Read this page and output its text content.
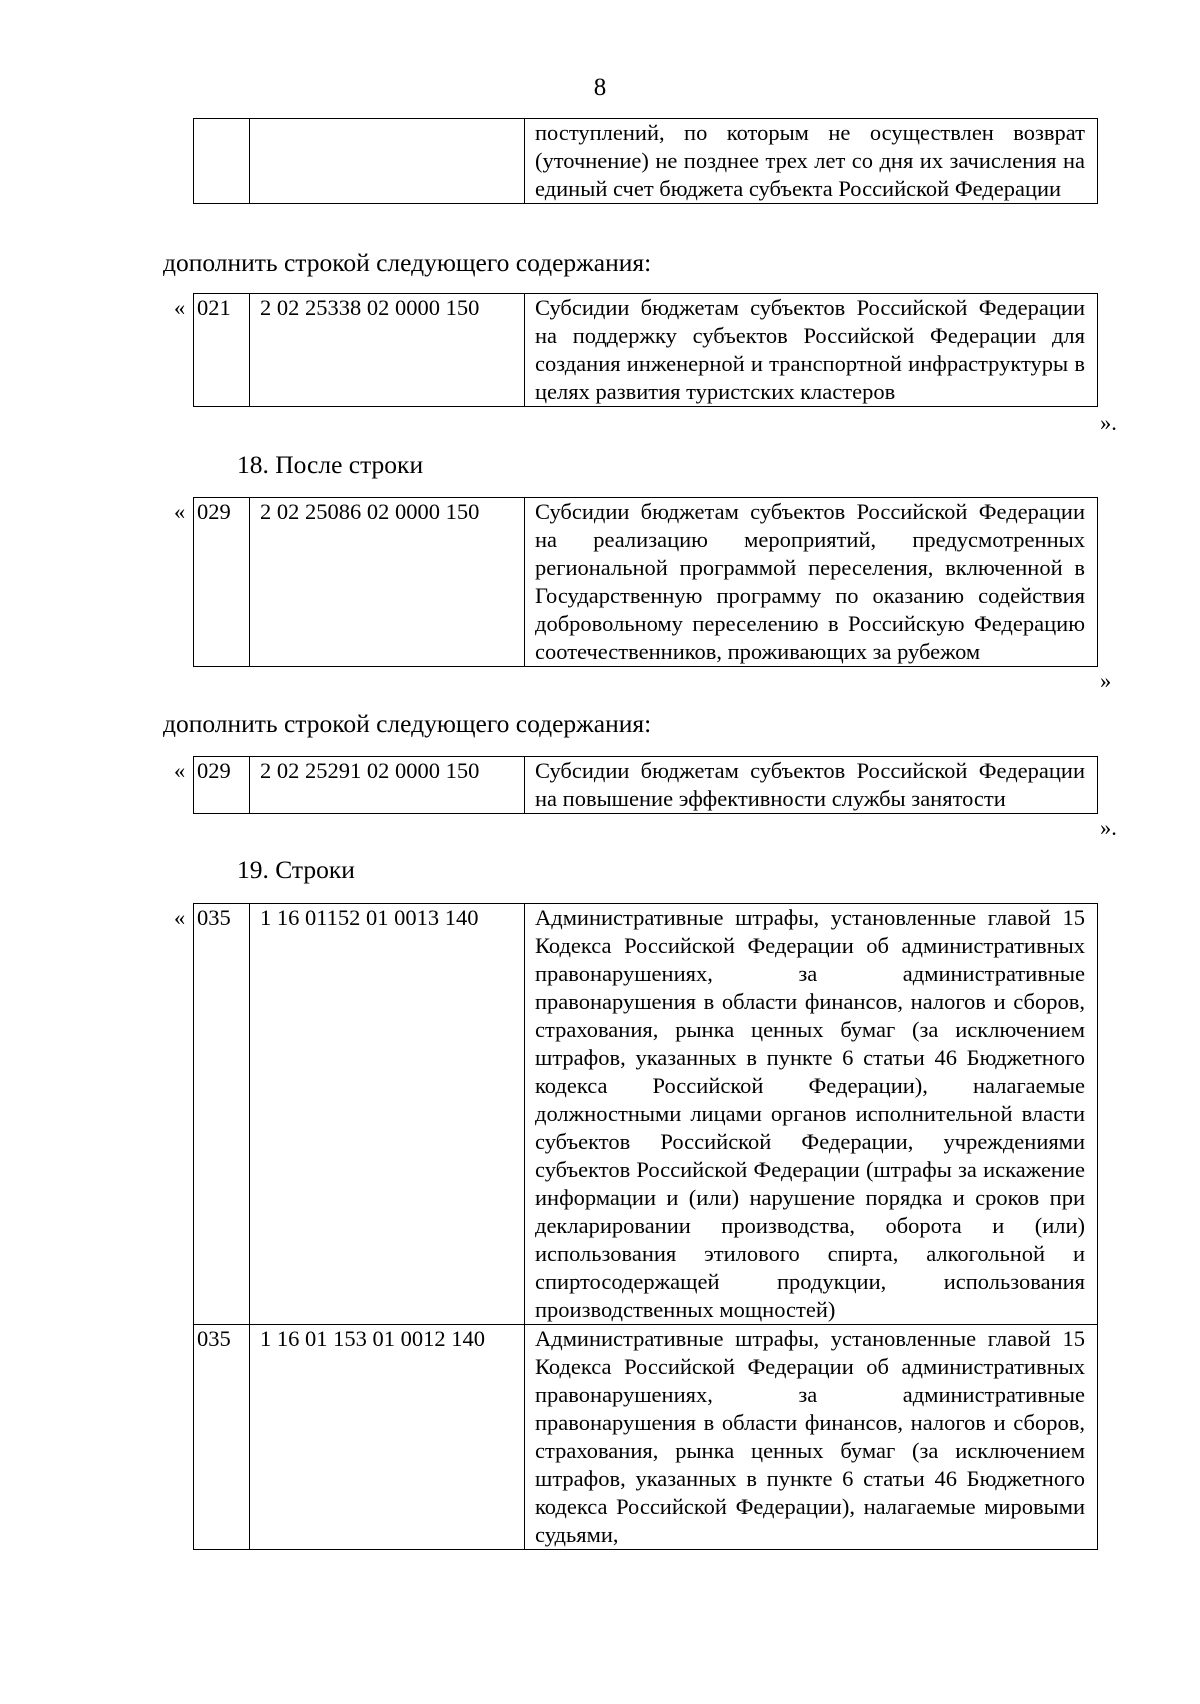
8
		поступлений, по которым не осуществлен возврат (уточнение) не позднее трех лет со дня их зачисления на единый счет бюджета субъекта Российской Федерации
дополнить строкой следующего содержания:
« 021	2 02 25338 02 0000 150	Субсидии бюджетам субъектов Российской Федерации на поддержку субъектов Российской Федерации для создания инженерной и транспортной инфраструктуры в целях развития туристских кластеров
».
18. После строки
« 029	2 02 25086 02 0000 150	Субсидии бюджетам субъектов Российской Федерации на реализацию мероприятий, предусмотренных региональной программой переселения, включенной в Государственную программу по оказанию содействия добровольному переселению в Российскую Федерацию соотечественников, проживающих за рубежом
»
дополнить строкой следующего содержания:
« 029	2 02 25291 02 0000 150	Субсидии бюджетам субъектов Российской Федерации на повышение эффективности службы занятости
».
19. Строки
« 035	1 16 01152 01 0013 140	Административные штрафы, установленные главой 15 Кодекса Российской Федерации об административных правонарушениях, за административные правонарушения в области финансов, налогов и сборов, страхования, рынка ценных бумаг (за исключением штрафов, указанных в пункте 6 статьи 46 Бюджетного кодекса Российской Федерации), налагаемые должностными лицами органов исполнительной власти субъектов Российской Федерации, учреждениями субъектов Российской Федерации (штрафы за искажение информации и (или) нарушение порядка и сроков при декларировании производства, оборота и (или) использования этилового спирта, алкогольной и спиртосодержащей продукции, использования производственных мощностей)
035	1 16 01 153 01 0012 140	Административные штрафы, установленные главой 15 Кодекса Российской Федерации об административных правонарушениях, за административные правонарушения в области финансов, налогов и сборов, страхования, рынка ценных бумаг (за исключением штрафов, указанных в пункте 6 статьи 46 Бюджетного кодекса Российской Федерации), налагаемые мировыми судьями,
